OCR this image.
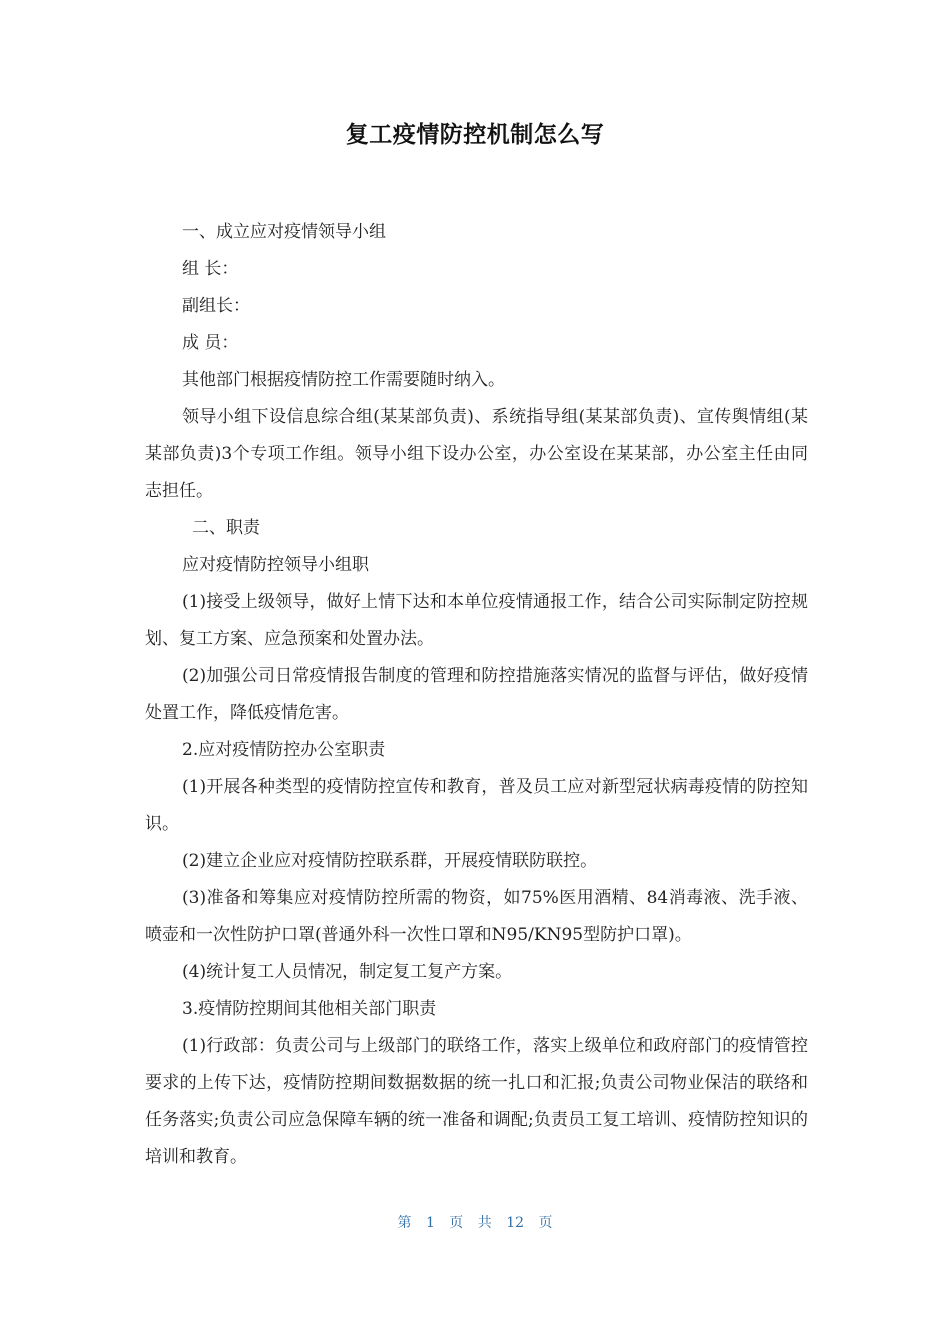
复工疫情防控机制怎么写

一、成立应对疫情领导小组

组 长：

副组长：

成 员：

其他部门根据疫情防控工作需要随时纳入。

领导小组下设信息综合组(某某部负责)、系统指导组(某某部负责)、宣传舆情组(某某部负责)3个专项工作组。领导小组下设办公室，办公室设在某某部，办公室主任由同志担任。

二、职责

应对疫情防控领导小组职

(1)接受上级领导，做好上情下达和本单位疫情通报工作，结合公司实际制定防控规划、复工方案、应急预案和处置办法。

(2)加强公司日常疫情报告制度的管理和防控措施落实情况的监督与评估，做好疫情处置工作，降低疫情危害。

2.应对疫情防控办公室职责

(1)开展各种类型的疫情防控宣传和教育，普及员工应对新型冠状病毒疫情的防控知识。

(2)建立企业应对疫情防控联系群，开展疫情联防联控。

(3)准备和筹集应对疫情防控所需的物资，如75%医用酒精、84消毒液、洗手液、喷壶和一次性防护口罩(普通外科一次性口罩和N95/KN95型防护口罩)。

(4)统计复工人员情况，制定复工复产方案。

3.疫情防控期间其他相关部门职责

(1)行政部：负责公司与上级部门的联络工作，落实上级单位和政府部门的疫情管控要求的上传下达，疫情防控期间数据数据的统一扎口和汇报;负责公司物业保洁的联络和任务落实;负责公司应急保障车辆的统一准备和调配;负责员工复工培训、疫情防控知识的培训和教育。

第 1 页 共 12 页
